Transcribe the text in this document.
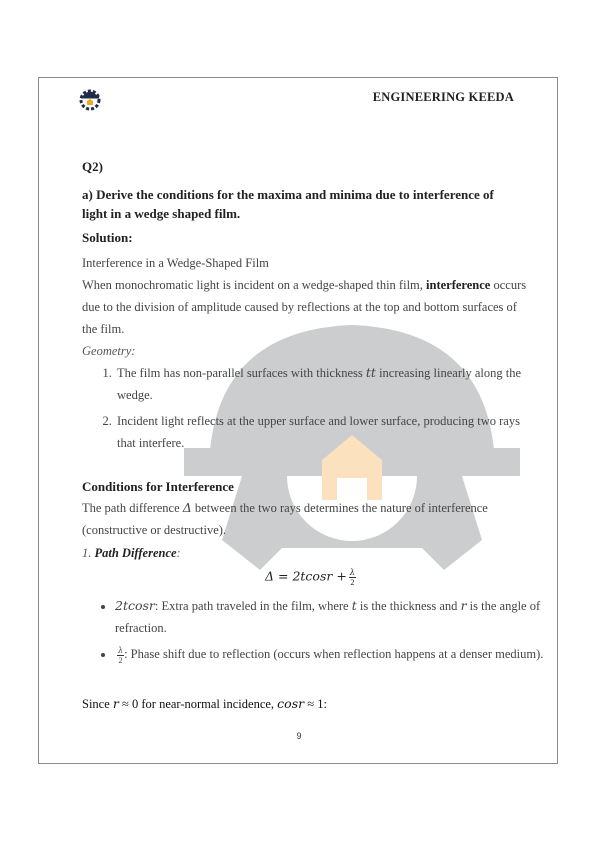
ENGINEERING KEEDA
Q2)
a) Derive the conditions for the maxima and minima due to interference of light in a wedge shaped film.
Solution:
Interference in a Wedge-Shaped Film
When monochromatic light is incident on a wedge-shaped thin film, interference occurs due to the division of amplitude caused by reflections at the top and bottom surfaces of the film.
Geometry:
1. The film has non-parallel surfaces with thickness tt increasing linearly along the wedge.
2. Incident light reflects at the upper surface and lower surface, producing two rays that interfere.
Conditions for Interference
The path difference Δ between the two rays determines the nature of interference (constructive or destructive).
1. Path Difference:
$\Delta = 2tcosr + \frac{\lambda}{2}$
• 2tcosr: Extra path traveled in the film, where t is the thickness and r is the angle of refraction.
• $\frac{\lambda}{2}$ : Phase shift due to reflection (occurs when reflection happens at a denser medium).
Since r ≈ 0 for near-normal incidence, cosr ≈ 1:
9
